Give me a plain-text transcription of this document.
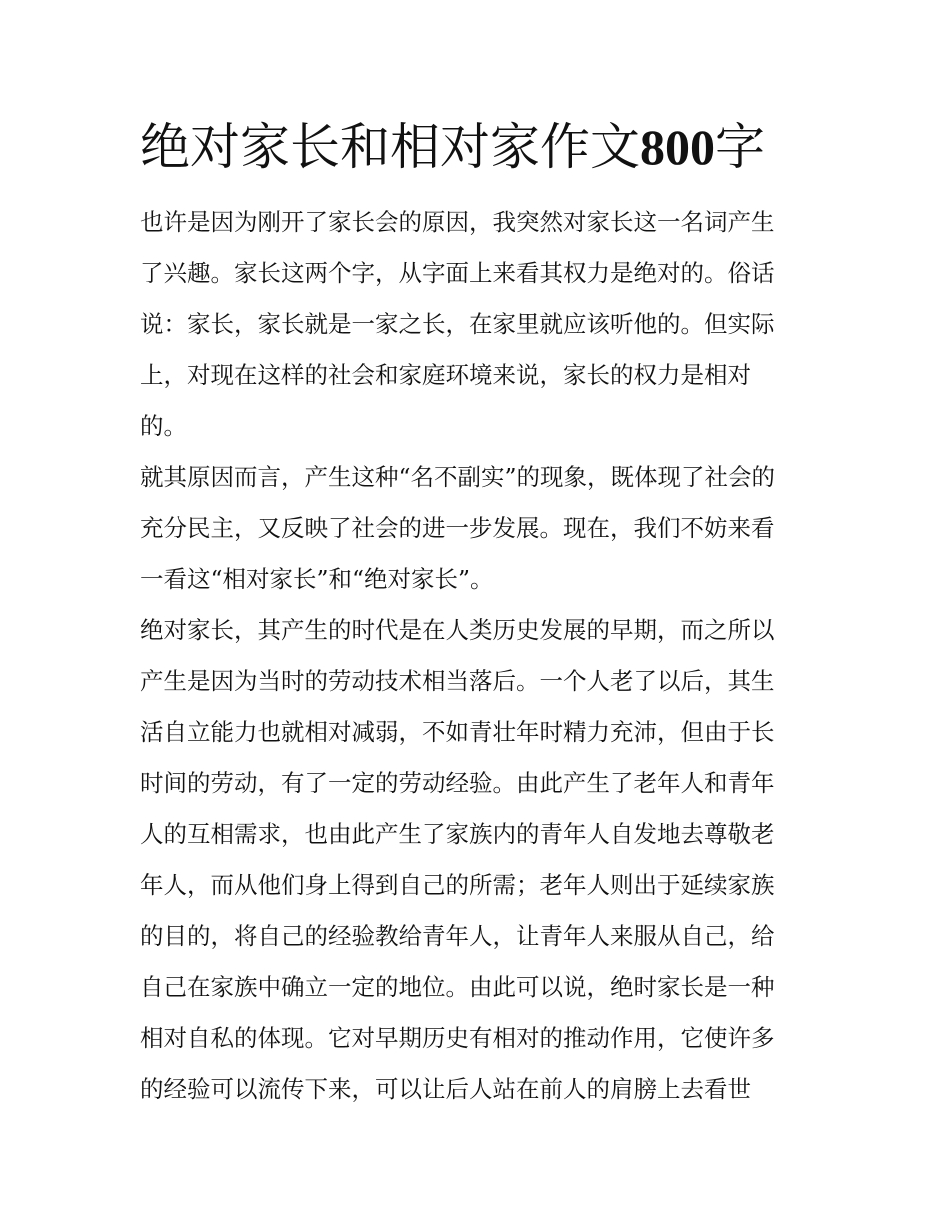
绝对家长和相对家作文800字
也许是因为刚开了家长会的原因，我突然对家长这一名词产生
了兴趣。家长这两个字，从字面上来看其权力是绝对的。俗话
说：家长，家长就是一家之长，在家里就应该听他的。但实际
上，对现在这样的社会和家庭环境来说，家长的权力是相对
的。
就其原因而言，产生这种“名不副实”的现象，既体现了社会的
充分民主，又反映了社会的进一步发展。现在，我们不妨来看
一看这“相对家长”和“绝对家长”。
绝对家长，其产生的时代是在人类历史发展的早期，而之所以
产生是因为当时的劳动技术相当落后。一个人老了以后，其生
活自立能力也就相对减弱，不如青壮年时精力充沛，但由于长
时间的劳动，有了一定的劳动经验。由此产生了老年人和青年
人的互相需求，也由此产生了家族内的青年人自发地去尊敬老
年人，而从他们身上得到自己的所需；老年人则出于延续家族
的目的，将自己的经验教给青年人，让青年人来服从自己，给
自己在家族中确立一定的地位。由此可以说，绝时家长是一种
相对自私的体现。它对早期历史有相对的推动作用，它使许多
的经验可以流传下来，可以让后人站在前人的肩膀上去看世
